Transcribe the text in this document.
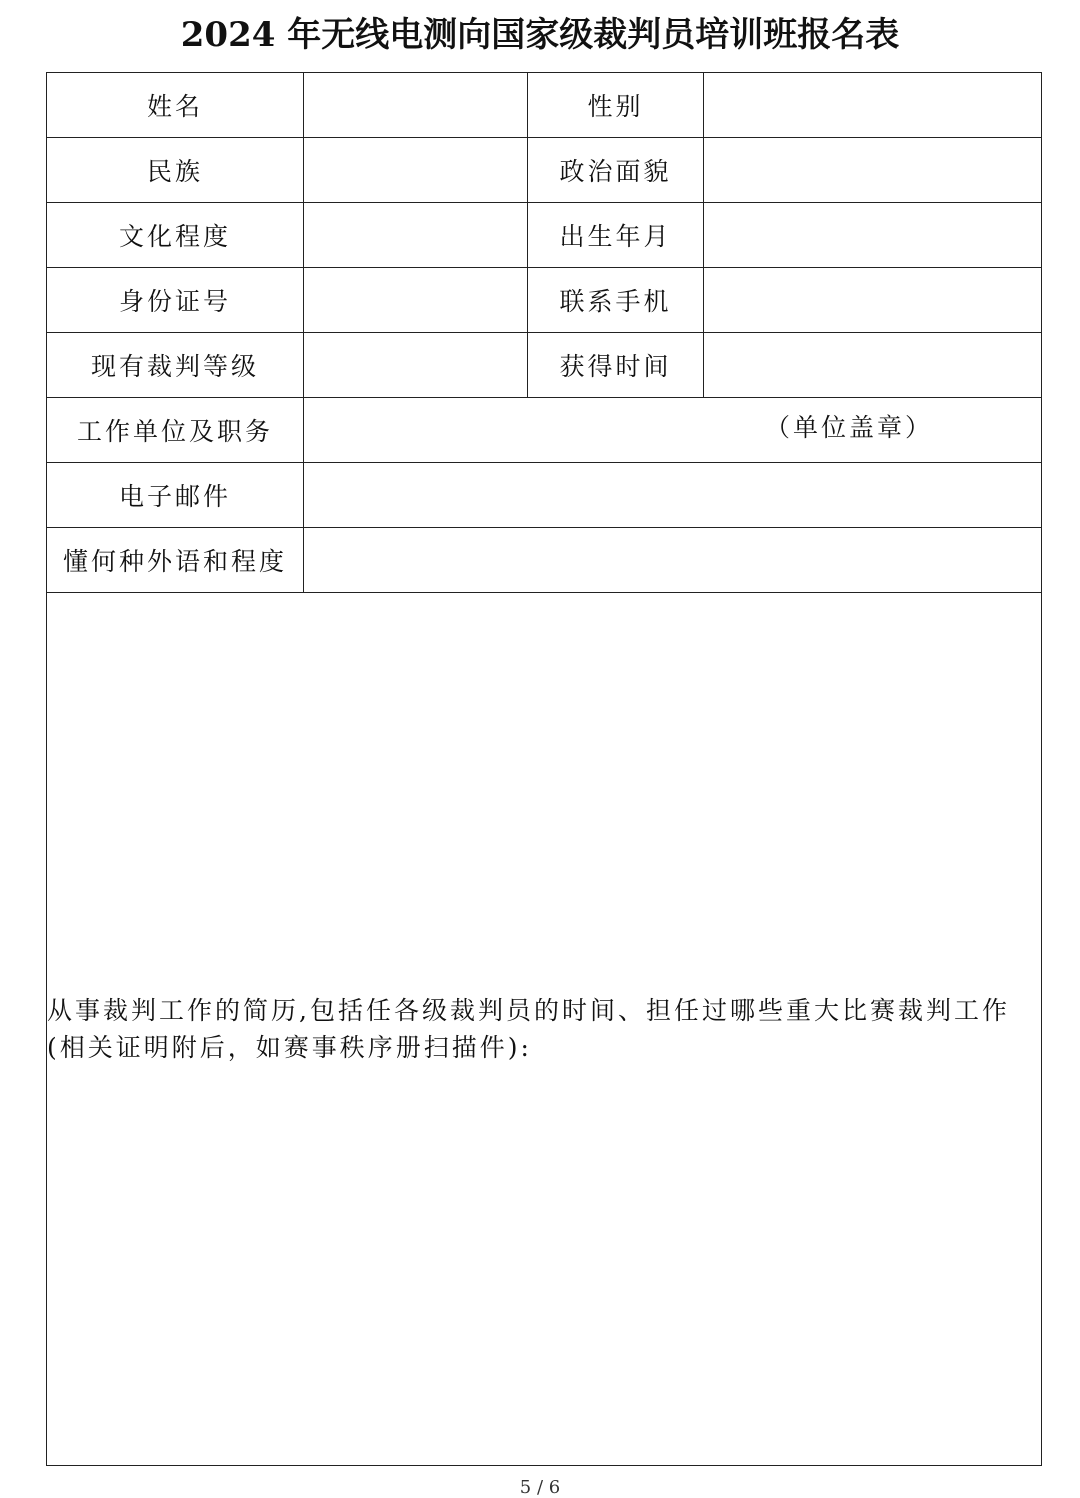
2024 年无线电测向国家级裁判员培训班报名表
姓名		性别	
民族		政治面貌	
文化程度		出生年月	
身份证号		联系手机	
现有裁判等级		获得时间	
工作单位及职务	（单位盖章）		

电子邮件			
懂何种外语和程度			
从事裁判工作的简历,包括任各级裁判员的时间、担任过哪些重大比赛裁判工作(相关证明附后，如赛事秩序册扫描件):			
5 / 6
